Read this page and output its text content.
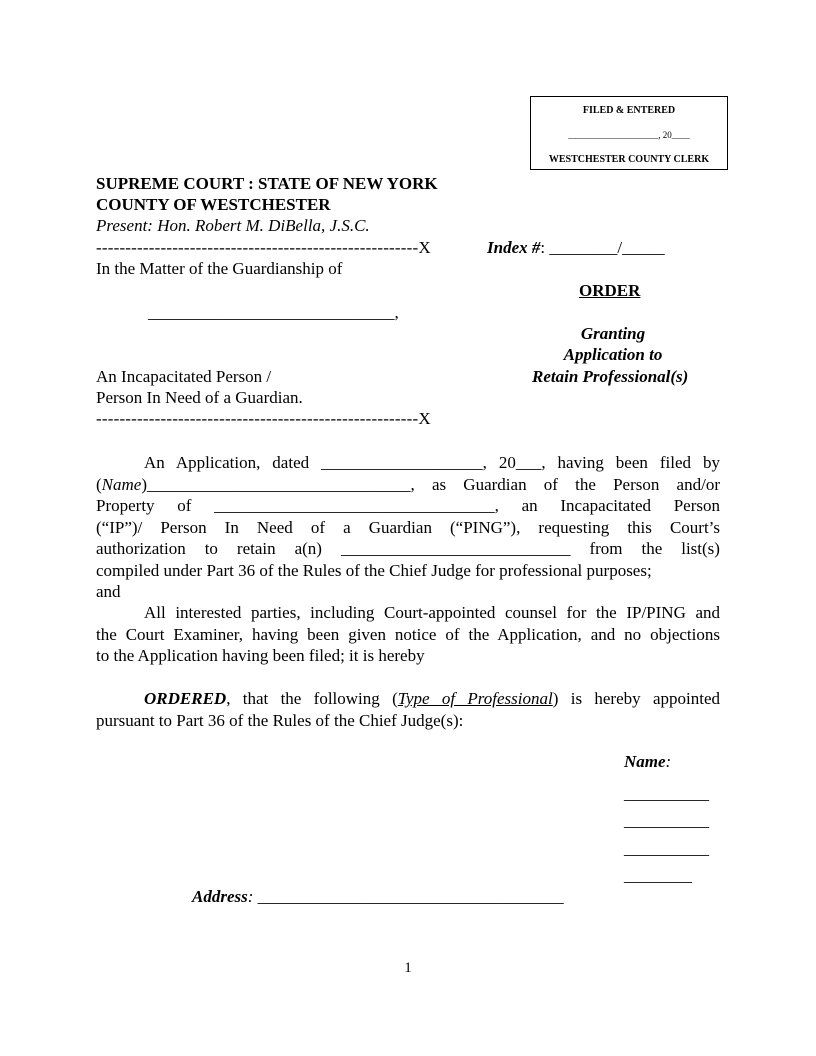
FILED & ENTERED
____________________, 20____
WESTCHESTER COUNTY CLERK
SUPREME COURT : STATE OF NEW YORK
COUNTY OF WESTCHESTER
Present: Hon. Robert M. DiBella, J.S.C.
-------------------------------------------------------X	Index #: ________/_____
In the Matter of the Guardianship of
ORDER
_____________________________,
Granting
Application to
Retain Professional(s)
An Incapacitated Person /
Person In Need of a Guardian.
-------------------------------------------------------X
An Application, dated ___________________, 20___, having been filed by
(Name)_______________________________, as Guardian of the Person and/or
Property of _________________________________, an Incapacitated Person
(“IP”)/ Person In Need of a Guardian (“PING”), requesting this Court’s
authorization to retain a(n) ___________________________ from the list(s)
compiled under Part 36 of the Rules of the Chief Judge for professional purposes;
and
All interested parties, including Court-appointed counsel for the IP/PING and
the Court Examiner, having been given notice of the Application, and no objections
to the Application having been filed; it is hereby
ORDERED, that the following (Type of Professional) is hereby appointed
pursuant to Part 36 of the Rules of the Chief Judge(s):
Name:
__________
__________
__________
________
Address: ____________________________________
1
